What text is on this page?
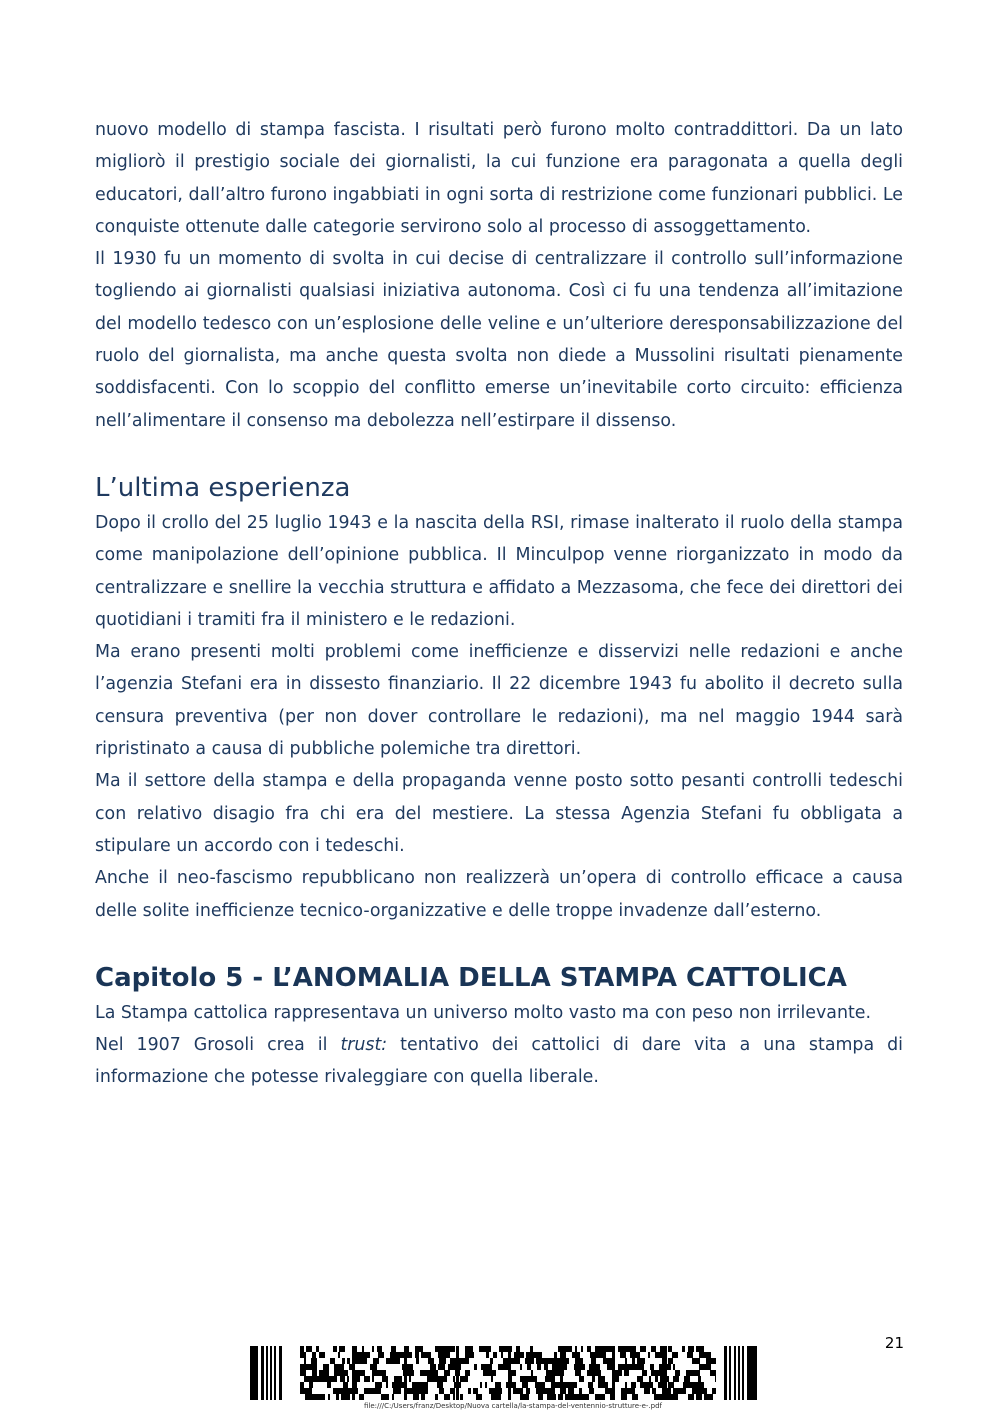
nuovo modello di stampa fascista. I risultati però furono molto contraddittori. Da un lato migliorò il prestigio sociale dei giornalisti, la cui funzione era paragonata a quella degli educatori, dall’altro furono ingabbiati in ogni sorta di restrizione come funzionari pubblici. Le conquiste ottenute dalle categorie servirono solo al processo di assoggettamento.

Il 1930 fu un momento di svolta in cui decise di centralizzare il controllo sull’informazione togliendo ai giornalisti qualsiasi iniziativa autonoma. Così ci fu una tendenza all’imitazione del modello tedesco con un’esplosione delle veline e un’ulteriore deresponsabilizzazione del ruolo del giornalista, ma anche questa svolta non diede a Mussolini risultati pienamente soddisfacenti. Con lo scoppio del conflitto emerse un’inevitabile corto circuito: efficienza nell’alimentare il consenso ma debolezza nell’estirpare il dissenso.

L’ultima esperienza

Dopo il crollo del 25 luglio 1943 e la nascita della RSI, rimase inalterato il ruolo della stampa come manipolazione dell’opinione pubblica. Il Minculpop venne riorganizzato in modo da centralizzare e snellire la vecchia struttura e affidato a Mezzasoma, che fece dei direttori dei quotidiani i tramiti fra il ministero e le redazioni.

Ma erano presenti molti problemi come inefficienze e disservizi nelle redazioni e anche l’agenzia Stefani era in dissesto finanziario. Il 22 dicembre 1943 fu abolito il decreto sulla censura preventiva (per non dover controllare le redazioni), ma nel maggio 1944 sarà ripristinato a causa di pubbliche polemiche tra direttori.

Ma il settore della stampa e della propaganda venne posto sotto pesanti controlli tedeschi con relativo disagio fra chi era del mestiere. La stessa Agenzia Stefani fu obbligata a stipulare un accordo con i tedeschi.

Anche il neo-fascismo repubblicano non realizzerà un’opera di controllo efficace a causa delle solite inefficienze tecnico-organizzative e delle troppe invadenze dall’esterno.

Capitolo 5 - L’ANOMALIA DELLA STAMPA CATTOLICA

La Stampa cattolica rappresentava un universo molto vasto ma con peso non irrilevante.

Nel 1907 Grosoli crea il trust: tentativo dei cattolici di dare vita a una stampa di informazione che potesse rivaleggiare con quella liberale.

21
file:///C:/Users/franz/Desktop/Nuova cartella/la-stampa-del-ventennio-strutture-e-.pdf
